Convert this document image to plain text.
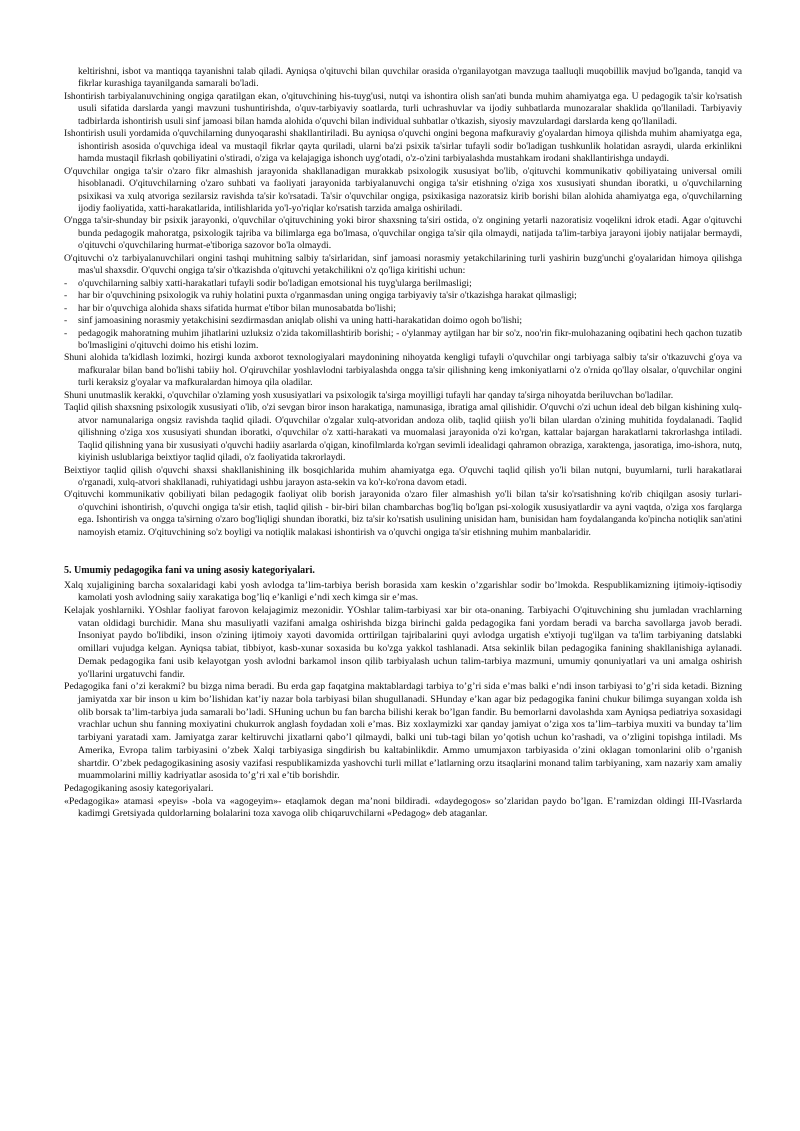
keltirishni, isbot va mantiqqa tayanishni talab qiladi. Ayniqsa o'qituvchi bilan quvchilar orasida o'rganilayotgan mavzuga taalluqli muqobillik mavjud bo'lganda, tanqid va fikrlar kurashiga tayanilganda samarali bo'ladi.

Ishontirish tarbiyalanuvchining ongiga qaratilgan ekan, o'qituvchining his-tuyg'usi, nutqi va ishontira olish san'ati bunda muhim ahamiyatga ega. U pedagogik ta'sir ko'rsatish usuli sifatida darslarda yangi mavzuni tushuntirishda, o'quv-tarbiyaviy soatlarda, turli uchrashuvlar va ijodiy suhbatlarda munozaralar shaklida qo'llaniladi. Tarbiyaviy tadbirlarda ishontirish usuli sinf jamoasi bilan hamda alohida o'quvchi bilan individual suhbatlar o'tkazish, siyosiy mavzulardagi darslarda keng qo'llaniladi.

Ishontirish usuli yordamida o'quvchilarning dunyoqarashi shakllantiriladi. Bu ayniqsa o'quvchi ongini begona mafkuraviy g'oyalardan himoya qilishda muhim ahamiyatga ega, ishontirish asosida o'quvchiga ideal va mustaqil fikrlar qayta quriladi, ularni ba'zi psixik ta'sirlar tufayli sodir bo'ladigan tushkunlik holatidan asraydi, ularda erkinlikni hamda mustaqil fikrlash qobiliyatini o'stiradi, o'ziga va kelajagiga ishonch uyg'otadi, o'z-o'zini tarbiyalashda mustahkam irodani shakllantirishga undaydi.

O'quvchilar ongiga ta'sir o'zaro fikr almashish jarayonida shakllanadigan murakkab psixologik xususiyat bo'lib, o'qituvchi kommunikativ qobiliyataing universal omili hisoblanadi. O'qituvchilarning o'zaro suhbati va faoliyati jarayonida tarbiyalanuvchi ongiga ta'sir etishning o'ziga xos xususiyati shundan iboratki, u o'quvchilarning psixikasi va xulq atvoriga sezilarsiz ravishda ta'sir ko'rsatadi. Ta'sir o'quvchilar ongiga, psixikasiga nazoratsiz kirib borishi bilan alohida ahamiyatga ega, o'quvchilarning ijodiy faoliyatida, xatti-harakatlarida, intilishlarida yo'l-yo'riqlar ko'rsatish tarzida amalga oshiriladi.

O'ngga ta'sir-shunday bir psixik jarayonki, o'quvchilar o'qituvchining yoki biror shaxsning ta'siri ostida, o'z ongining yetarli nazoratisiz voqelikni idrok etadi. Agar o'qituvchi bunda pedagogik mahoratga, psixologik tajriba va bilimlarga ega bo'lmasa, o'quvchilar ongiga ta'sir qila olmaydi, natijada ta'lim-tarbiya jarayoni ijobiy natijalar bermaydi, o'qituvchi o'quvchilaring hurmat-e'tiboriga sazovor bo'la olmaydi.

O'qituvchi o'z tarbiyalanuvchilari ongini tashqi muhitning salbiy ta'sirlaridan, sinf jamoasi norasmiy yetakchilarining turli yashirin buzg'unchi g'oyalaridan himoya qilishga mas'ul shaxsdir. O'quvchi ongiga ta'sir o'tkazishda o'qituvchi yetakchilikni o'z qo'liga kiritishi uchun:

- o'quvchilarning salbiy xatti-harakatlari tufayli sodir bo'ladigan emotsional his tuyg'ularga berilmasligi;

- har bir o'quvchining psixologik va ruhiy holatini puxta o'rganmasdan uning ongiga tarbiyaviy ta'sir o'tkazishga harakat qilmasligi;

- har bir o'quvchiga alohida shaxs sifatida hurmat e'tibor bilan munosabatda bo'lishi;

- sinf jamoasining norasmiy yetakchisini sezdirmasdan aniqlab olishi va uning hatti-harakatidan doimo ogoh bo'lishi;

- pedagogik mahoratning muhim jihatlarini uzluksiz o'zida takomillashtirib borishi; - o'ylanmay aytilgan har bir so'z, noo'rin fikr-mulohazaning oqibatini hech qachon tuzatib bo'lmasligini o'qituvchi doimo his etishi lozim.

Shuni alohida ta'kidlash lozimki, hozirgi kunda axborot texnologiyalari maydonining nihoyatda kengligi tufayli o'quvchilar ongi tarbiyaga salbiy ta'sir o'tkazuvchi g'oya va mafkuralar bilan band bo'lishi tabiiy hol. O'qiruvchilar yoshlavlodni tarbiyalashda ongga ta'sir qilishning keng imkoniyatlarni o'z o'rnida qo'llay olsalar, o'quvchilar ongini turli keraksiz g'oyalar va mafkuralardan himoya qila oladilar.

Shuni unutmaslik kerakki, o'quvchilar o'zlaming yosh xususiyatlari va psixologik ta'sirga moyilligi tufayli har qanday ta'sirga nihoyatda beriluvchan bo'ladilar.

Taqlid qilish shaxsning psixologik xususiyati o'lib, o'zi sevgan biror inson harakatiga, namunasiga, ibratiga amal qilishidir. O'quvchi o'zi uchun ideal deb bilgan kishining xulq-atvor namunalariga ongsiz ravishda taqlid qiladi. O'quvchilar o'zgalar xulq-atvoridan andoza olib, taqlid qiiish yo'li bilan ulardan o'zining muhitida foydalanadi. Taqlid qilishning o'ziga xos xususiyati shundan iboratki, o'quvchilar o'z xatti-harakati va muomalasi jarayonida o'zi ko'rgan, kattalar bajargan harakatlarni takrorlashga intiladi. Taqlid qilishning yana bir xususiyati o'quvchi hadiiy asarlarda o'qigan, kinofilmlarda ko'rgan sevimli idealidagi qahramon obraziga, xaraktenga, jasoratiga, imo-ishora, nutq, kiyinish uslublariga beixtiyor taqlid qiladi, o'z faoliyatida takrorlaydi.

Beixtiyor taqlid qilish o'quvchi shaxsi shakllanishining ilk bosqichlarida muhim ahamiyatga ega. O'quvchi taqlid qilish yo'li bilan nutqni, buyumlarni, turli harakatlarai o'rganadi, xulq-atvori shakllanadi, ruhiyatidagi ushbu jarayon asta-sekin va ko'r-ko'rona davom etadi.

O'qituvchi kommunikativ qobiliyati bilan pedagogik faoliyat olib borish jarayonida o'zaro filer almashish yo'li bilan ta'sir ko'rsatishning ko'rib chiqilgan asosiy turlari-o'quvchini ishontirish, o'quvchi ongiga ta'sir etish, taqlid qilish - bir-biri bilan chambarchas bog'liq bo'lgan psi-xologik xususiyatlardir va ayni vaqtda, o'ziga xos farqlarga ega. Ishontirish va ongga ta'sirning o'zaro bog'liqligi shundan iboratki, biz ta'sir ko'rsatish usulining unisidan ham, bunisidan ham foydalanganda ko'pincha notiqlik san'atini namoyish etamiz. O'qituvchining so'z boyligi va notiqlik malakasi ishontirish va o'quvchi ongiga ta'sir etishning muhim manbalaridir.

5. Umumiy pedagogika fani va uning asosiy kategoriyalari.

Xalq xujaligining barcha soxalaridagi kabi yosh avlodga ta’lim-tarbiya berish borasida xam keskin o’zgarishlar sodir bo’lmokda. Respublikamizning ijtimoiy-iqtisodiy kamolati yosh avlodning saiiy xarakatiga bog’liq e’kanligi e’ndi xech kimga sir e’mas.

Kelajak yoshlarniki. YOshlar faoliyat farovon kelajagimiz mezonidir. YOshlar talim-tarbiyasi xar bir ota-onaning. Tarbiyachi O'qituvchining shu jumladan vrachlarning vatan oldidagi burchidir. Mana shu masuliyatli vazifani amalga oshirishda bizga birinchi galda pedagogika fani yordam beradi va barcha savollarga javob beradi. Insoniyat paydo bo'libdiki, inson o'zining ijtimoiy xayoti davomida orttirilgan tajribalarini quyi avlodga urgatish e'xtiyoji tug'ilgan va ta'lim tarbiyaning datslabki omillari vujudga kelgan. Ayniqsa tabiat, tibbiyot, kasb-xunar soxasida bu ko'zga yakkol tashlanadi. Atsa sekinlik bilan pedagogika fanining shakllanishiga aylanadi. Demak pedagogika fani usib kelayotgan yosh avlodni barkamol inson qilib tarbiyalash uchun talim-tarbiya mazmuni, umumiy qonuniyatlari va uni amalga oshirish yo'llarini urgatuvchi fandir.

Pedagogika fani o’zi kerakmi? bu bizga nima beradi. Bu erda gap faqatgina maktablardagi tarbiya to’g’ri sida e’mas balki e’ndi inson tarbiyasi to’g’ri sida ketadi. Bizning jamiyatda xar bir inson u kim bo’lishidan kat’iy nazar bola tarbiyasi bilan shugullanadi. SHunday e’kan agar biz pedagogika fanini chukur bilimga suyangan xolda ish olib borsak ta’lim-tarbiya juda samarali bo’ladi. SHuning uchun bu fan barcha bilishi kerak bo’lgan fandir. Bu bemorlarni davolashda xam Ayniqsa pediatriya soxasidagi vrachlar uchun shu fanning moxiyatini chukurrok anglash foydadan xoli e’mas. Biz xoxlaymizki xar qanday jamiyat o’ziga xos ta’lim–tarbiya muxiti va bunday ta’lim tarbiyani yaratadi xam. Jamiyatga zarar keltiruvchi jixatlarni qabo’l qilmaydi, balki uni tub-tagi bilan yo’qotish uchun ko’rashadi, va o’zligini topishga intiladi. Ms Amerika, Evropa talim tarbiyasini o’zbek Xalqi tarbiyasiga singdirish bu kaltabinlikdir. Ammo umumjaxon tarbiyasida o’zini oklagan tomonlarini olib o’rganish shartdir. O’zbek pedagogikasining asosiy vazifasi respublikamizda yashovchi turli millat e’latlarning orzu itsaqlarini monand talim tarbiyaning, xam nazariy xam amaliy muammolarini milliy kadriyatlar asosida to’g’ri xal e’tib borishdir.

Pedagogikaning asosiy kategoriyalari.

«Pedagogika» atamasi «peyis» -bola va «agogeyim»- etaqlamok degan ma’noni bildiradi. «daydegogos» so’zlaridan paydo bo’lgan. E’ramizdan oldingi III-IVasrlarda kadimgi Gretsiyada quldorlarning bolalarini toza xavoga olib chiqaruvchilarni «Pedagog» deb ataganlar.
